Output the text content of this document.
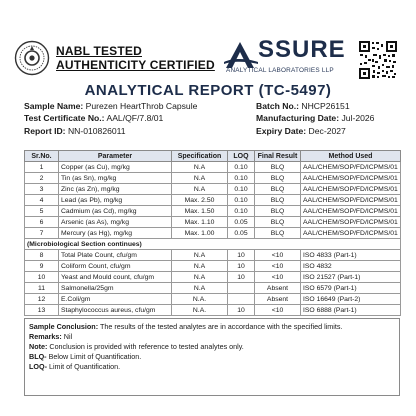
NABL TESTED
AUTHENTICITY CERTIFIED
SSURE
ANALYTICAL LABORATORIES LLP
ANALYTICAL REPORT (TC-5497)
Sample Name: Purezen HeartThrob Capsule	Batch No.: NHCP26151
Test Certificate No.: AAL/QF/7.8/01	Manufacturing Date: Jul-2026
Report ID: NN-010826011	Expiry Date: Dec-2027
Sr.No.	Parameter	Specification	LOQ	Final Result	Method Used
1	Copper (as Cu), mg/kg	N.A	0.10	BLQ	AAL/CHEM/SOP/FD/ICPMS/01
2	Tin (as Sn), mg/kg	N.A	0.10	BLQ	AAL/CHEM/SOP/FD/ICPMS/01
3	Zinc (as Zn), mg/kg	N.A	0.10	BLQ	AAL/CHEM/SOP/FD/ICPMS/01
4	Lead (as Pb), mg/kg	Max. 2.50	0.10	BLQ	AAL/CHEM/SOP/FD/ICPMS/01
5	Cadmium (as Cd), mg/kg	Max. 1.50	0.10	BLQ	AAL/CHEM/SOP/FD/ICPMS/01
6	Arsenic (as As), mg/kg	Max. 1.10	0.05	BLQ	AAL/CHEM/SOP/FD/ICPMS/01
7	Mercury (as Hg), mg/kg	Max. 1.00	0.05	BLQ	AAL/CHEM/SOP/FD/ICPMS/01
(Microbiological Section continues)					
8	Total Plate Count, cfu/gm	N.A	10	<10	ISO 4833 (Part-1)
9	Coliform Count, cfu/gm	N.A	10	<10	ISO 4832
10	Yeast and Mould count, cfu/gm	N.A	10	<10	ISO 21527 (Part-1)
11	Salmonella/25gm	N.A		Absent	ISO 6579 (Part-1)
12	E.Coli/gm	N.A.		Absent	ISO 16649 (Part-2)
13	Staphylococcus aureus, cfu/gm	N.A.	10	<10	ISO 6888 (Part-1)
Sample Conclusion: The results of the tested analytes are in accordance with the specified limits.
Remarks: Nil
Note: Conclusion is provided with reference to tested analytes only.
BLQ- Below Limit of Quantification.
LOQ- Limit of Quantification.
